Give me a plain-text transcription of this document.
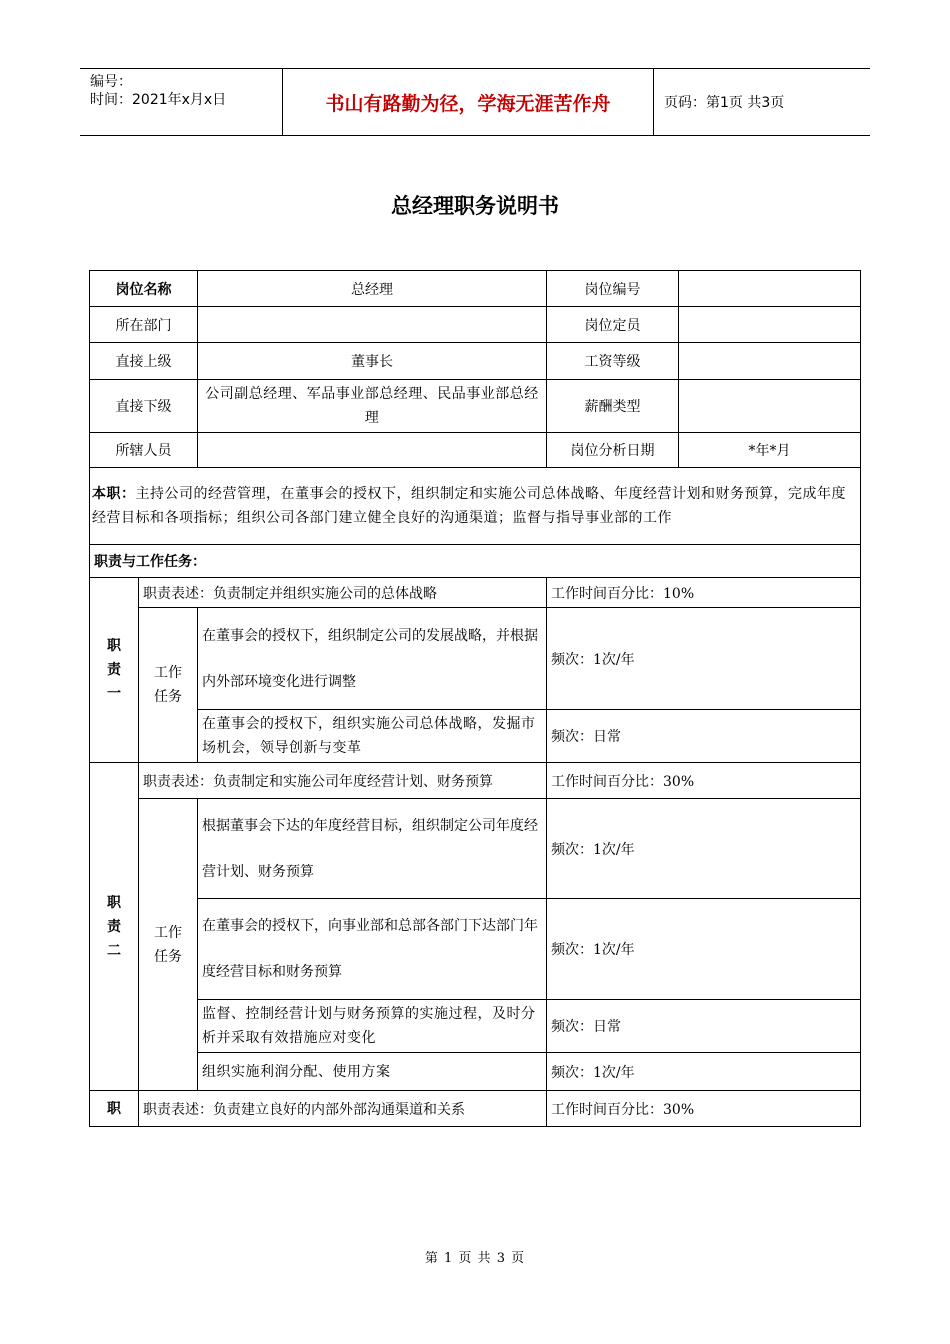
编号：
时间：2021年x月x日	书山有路勤为径，学海无涯苦作舟	页码：第1页 共3页
总经理职务说明书
岗位名称		总经理	岗位编号	
所在部门			岗位定员	
直接上级		董事长	工资等级	
直接下级		公司副总经理、军品事业部总经理、民品事业部总经理	薪酬类型	
所辖人员			岗位分析日期	*年*月
本职：主持公司的经营管理，在董事会的授权下，组织制定和实施公司总体战略、年度经营计划和财务预算，完成年度经营目标和各项指标；组织公司各部门建立健全良好的沟通渠道；监督与指导事业部的工作				
职责与工作任务：				
职责一	职责表述：负责制定并组织实施公司的总体战略		工作时间百分比：10%	
	工作任务	在董事会的授权下，组织制定公司的发展战略，并根据内外部环境变化进行调整	频次：1次/年	
		在董事会的授权下，组织实施公司总体战略，发掘市场机会，领导创新与变革	频次：日常	
职责二	职责表述：负责制定和实施公司年度经营计划、财务预算		工作时间百分比：30%	
	工作任务	根据董事会下达的年度经营目标，组织制定公司年度经营计划、财务预算	频次：1次/年	
		在董事会的授权下，向事业部和总部各部门下达部门年度经营目标和财务预算	频次：1次/年	
		监督、控制经营计划与财务预算的实施过程，及时分析并采取有效措施应对变化	频次：日常	
		组织实施利润分配、使用方案	频次：1次/年	
职	职责表述：负责建立良好的内部外部沟通渠道和关系		工作时间百分比：30%	
第 1 页 共 3 页
